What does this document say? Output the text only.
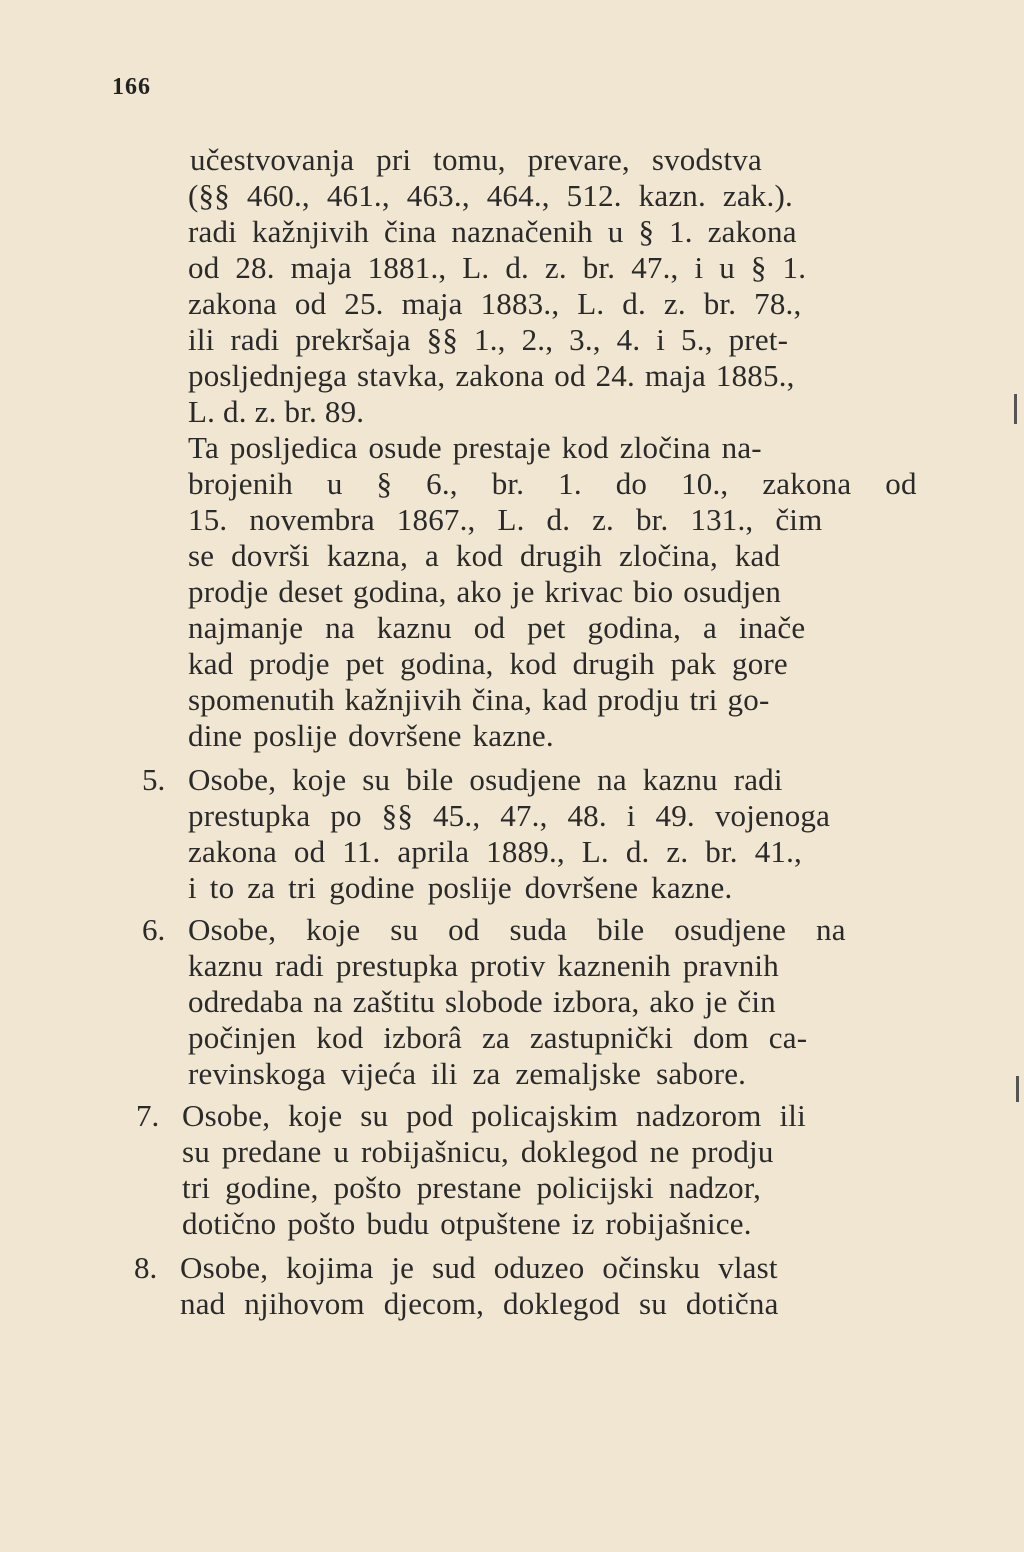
166
učestvovanja pri tomu, prevare, svodstva
(§§ 460., 461., 463., 464., 512. kazn. zak.).
radi kažnjivih čina naznačenih u § 1. zakona
od 28. maja 1881., L. d. z. br. 47., i u § 1.
zakona od 25. maja 1883., L. d. z. br. 78.,
ili radi prekršaja §§ 1., 2., 3., 4. i 5., pret-
posljednjega stavka, zakona od 24. maja 1885.,
L. d. z. br. 89.
Ta posljedica osude prestaje kod zločina na-
brojenih u § 6., br. 1. do 10., zakona od
15. novembra 1867., L. d. z. br. 131., čim
se dovrši kazna, a kod drugih zločina, kad
prodje deset godina, ako je krivac bio osudjen
najmanje na kaznu od pet godina, a inače
kad prodje pet godina, kod drugih pak gore
spomenutih kažnjivih čina, kad prodju tri go-
dine poslije dovršene kazne.
5. Osobe, koje su bile osudjene na kaznu radi
prestupka po §§ 45., 47., 48. i 49. vojenoga
zakona od 11. aprila 1889., L. d. z. br. 41.,
i to za tri godine poslije dovršene kazne.
6. Osobe, koje su od suda bile osudjene na
kaznu radi prestupka protiv kaznenih pravnih
odredaba na zaštitu slobode izbora, ako je čin
počinjen kod izborâ za zastupnički dom ca-
revinskoga vijeća ili za zemaljske sabore.
7. Osobe, koje su pod policajskim nadzorom ili
su predane u robijašnicu, doklegod ne prodju
tri godine, pošto prestane policijski nadzor,
dotično pošto budu otpuštene iz robijašnice.
8. Osobe, kojima je sud oduzeo očinsku vlast
nad njihovom djecom, doklegod su dotična
